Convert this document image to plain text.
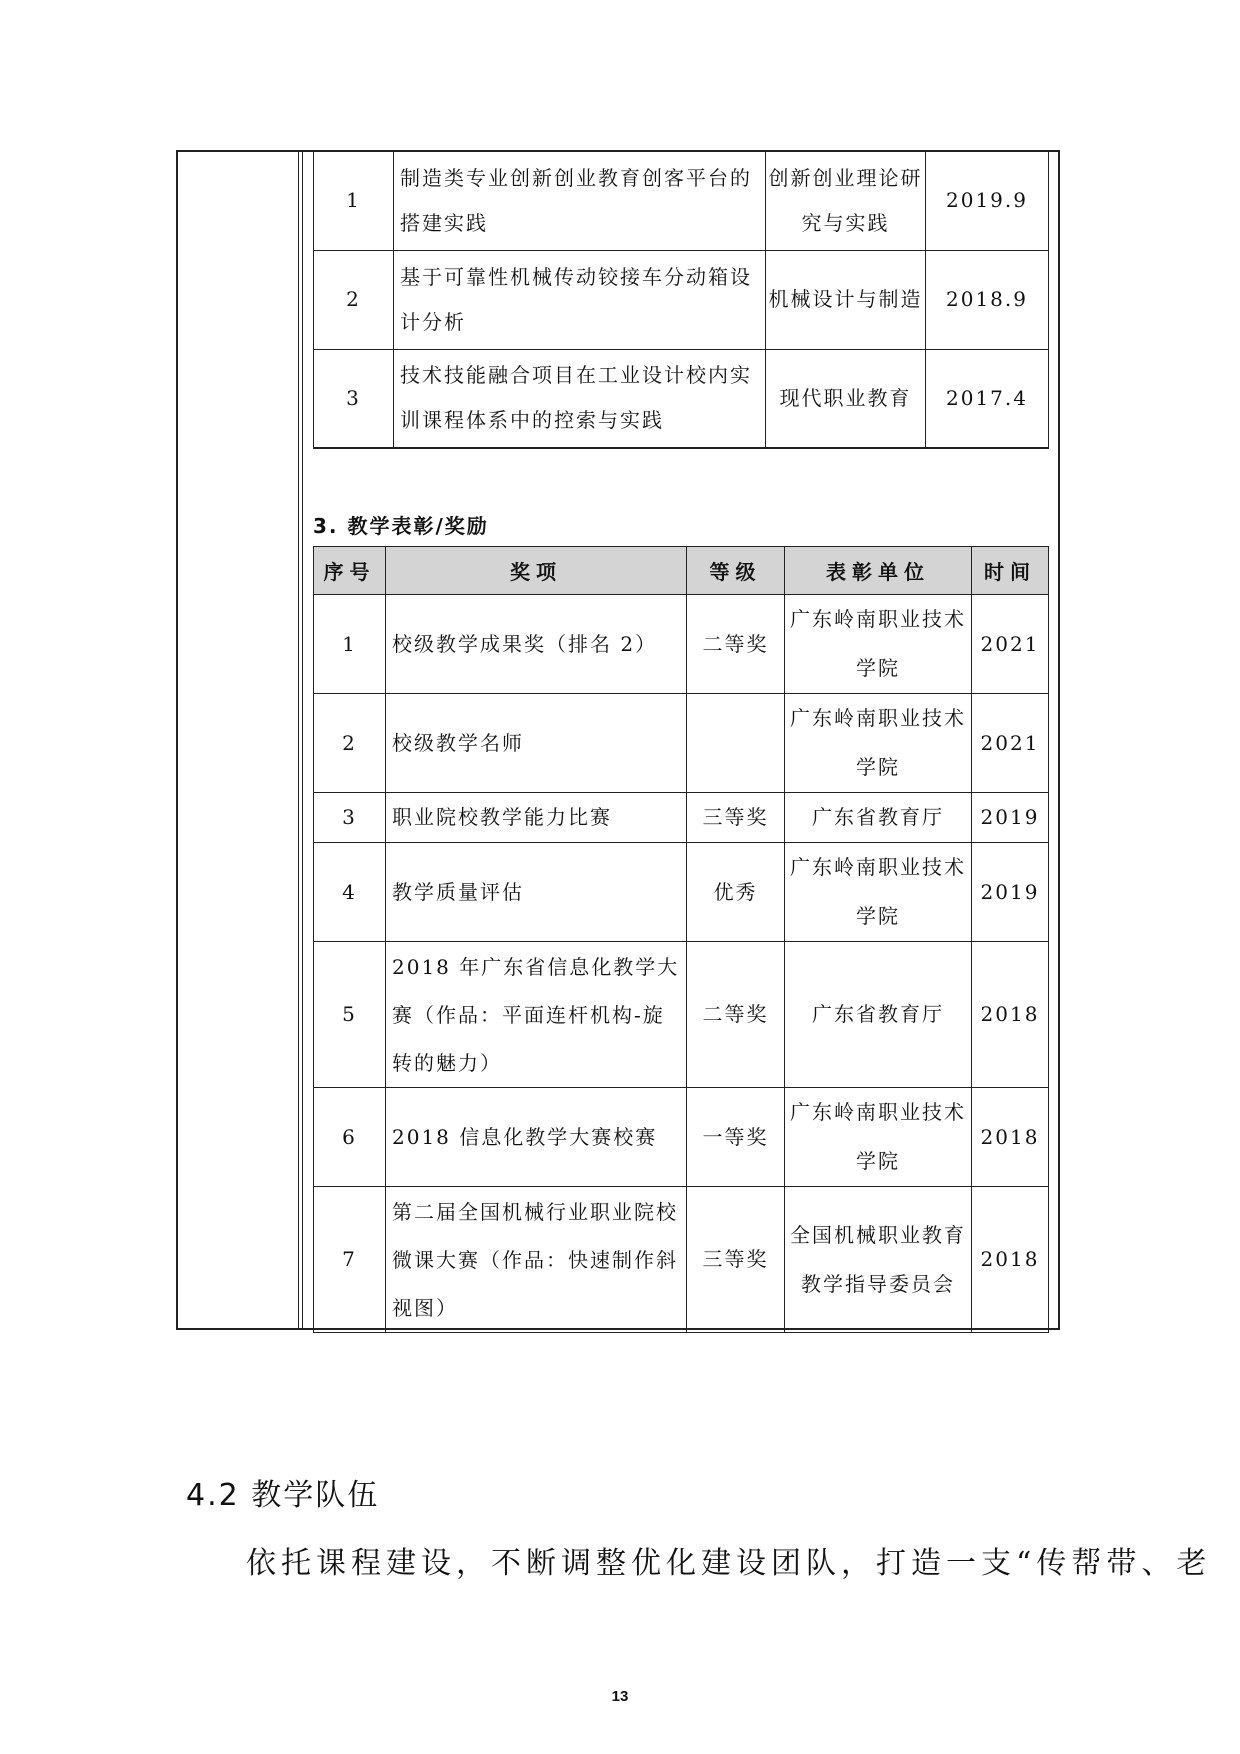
1	制造类专业创新创业教育创客平台的搭建实践	创新创业理论研究与实践	2019.9
2	基于可靠性机械传动铰接车分动箱设计分析	机械设计与制造	2018.9
3	技术技能融合项目在工业设计校内实训课程体系中的控索与实践	现代职业教育	2017.4
3. 教学表彰/奖励
序号	奖项	等级	表彰单位	时间
1	校级教学成果奖（排名 2）	二等奖	广东岭南职业技术学院	2021
2	校级教学名师		广东岭南职业技术学院	2021
3	职业院校教学能力比赛	三等奖	广东省教育厅	2019
4	教学质量评估	优秀	广东岭南职业技术学院	2019
5	2018 年广东省信息化教学大赛（作品：平面连杆机构-旋转的魅力）	二等奖	广东省教育厅	2018
6	2018 信息化教学大赛校赛	一等奖	广东岭南职业技术学院	2018
7	第二届全国机械行业职业院校微课大赛（作品：快速制作斜视图）	三等奖	全国机械职业教育教学指导委员会	2018
4.2 教学队伍
依托课程建设，不断调整优化建设团队，打造一支“传帮带、老
13
